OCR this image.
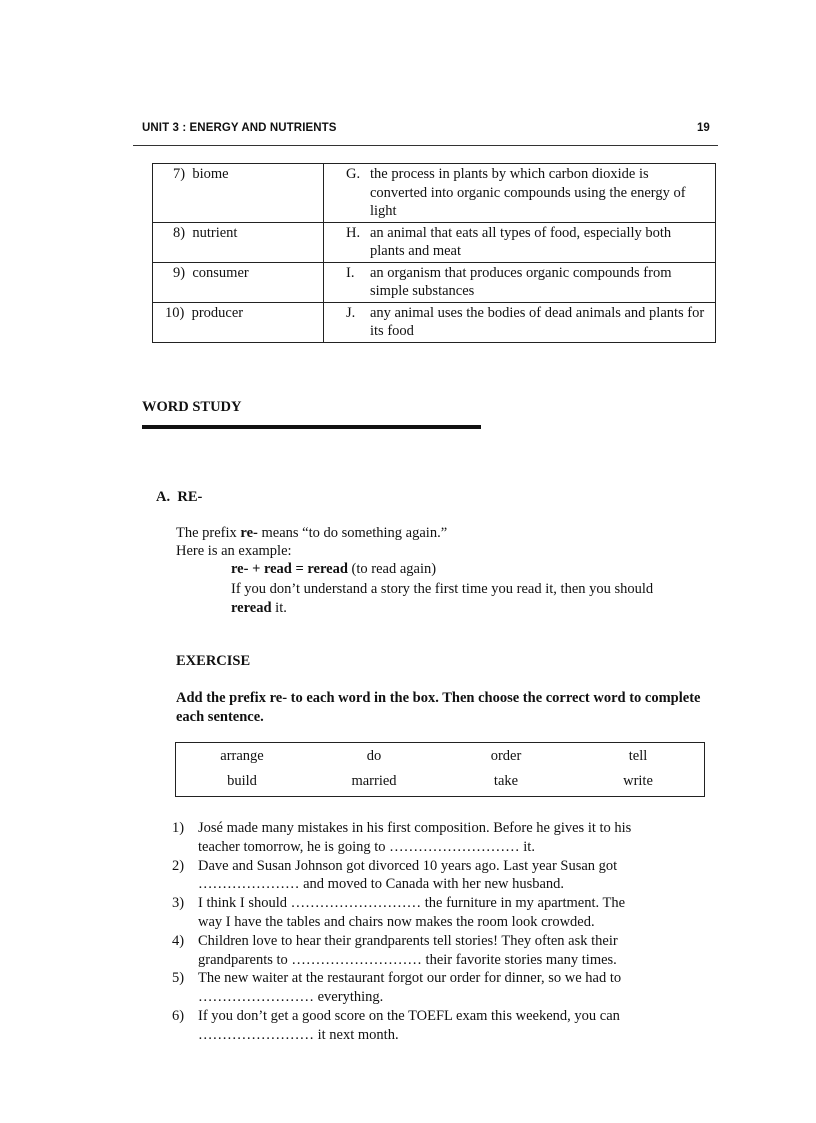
UNIT 3 : ENERGY AND NUTRIENTS	19
7) biome	G. the process in plants by which carbon dioxide is converted into organic compounds using the energy of light

8) nutrient	H. an animal that eats all types of food, especially both plants and meat

9) consumer	I. an organism that produces organic compounds from simple substances

10) producer	J. any animal uses the bodies of dead animals and plants for its food
WORD STUDY
A. RE-
The prefix re- means “to do something again.”
Here is an example:
re- + read = reread (to read again)
If you don’t understand a story the first time you read it, then you should
reread it.
EXERCISE
Add the prefix re- to each word in the box. Then choose the correct word to complete each sentence.
arrange	do	order	tell
build	married	take	write
1) José made many mistakes in his first composition. Before he gives it to his
teacher tomorrow, he is going to ……………………… it.
2) Dave and Susan Johnson got divorced 10 years ago. Last year Susan got
………………… and moved to Canada with her new husband.
3) I think I should ……………………… the furniture in my apartment. The
way I have the tables and chairs now makes the room look crowded.
4) Children love to hear their grandparents tell stories! They often ask their
grandparents to ……………………… their favorite stories many times.
5) The new waiter at the restaurant forgot our order for dinner, so we had to
…………………… everything.
6) If you don’t get a good score on the TOEFL exam this weekend, you can
…………………… it next month.
